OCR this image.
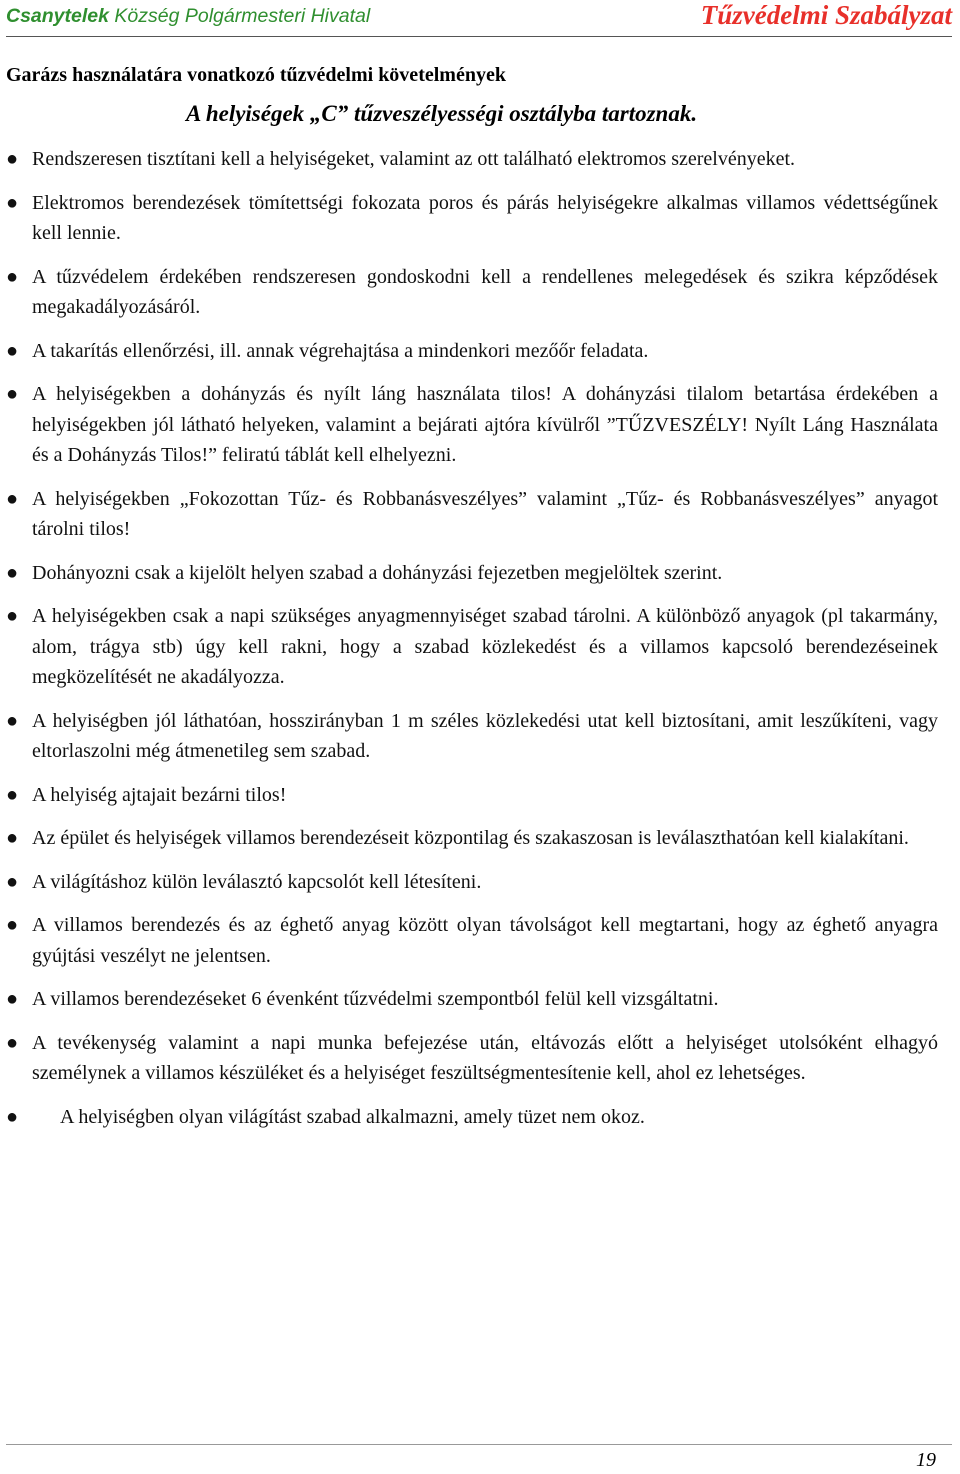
Csanytelek Község Polgármesteri Hivatal	Tűzvédelmi Szabályzat
Garázs használatára vonatkozó tűzvédelmi követelmények
A helyiségek „C” tűzveszélyességi osztályba tartoznak.
● Rendszeresen tisztítani kell a helyiségeket, valamint az ott található elektromos szerelvényeket.
● Elektromos berendezések tömítettségi fokozata poros és párás helyiségekre alkalmas villamos védettségűnek kell lennie.
● A tűzvédelem érdekében rendszeresen gondoskodni kell a rendellenes melegedések és szikra képződések megakadályozásáról.
● A takarítás ellenőrzési, ill. annak végrehajtása a mindenkori mezőőr feladata.
● A helyiségekben a dohányzás és nyílt láng használata tilos! A dohányzási tilalom betartása érdekében a helyiségekben jól látható helyeken, valamint a bejárati ajtóra kívülről ”TŰZVESZÉLY! Nyílt Láng Használata és a Dohányzás Tilos!” feliratú táblát kell elhelyezni.
● A helyiségekben „Fokozottan Tűz- és Robbanásveszélyes” valamint „Tűz- és Robbanásveszélyes” anyagot tárolni tilos!
● Dohányozni csak a kijelölt helyen szabad a dohányzási fejezetben megjelöltek szerint.
● A helyiségekben csak a napi szükséges anyagmennyiséget szabad tárolni. A különböző anyagok (pl takarmány, alom, trágya stb) úgy kell rakni, hogy a szabad közlekedést és a villamos kapcsoló berendezéseinek megközelítését ne akadályozza.
● A helyiségben jól láthatóan, hosszirányban 1 m széles közlekedési utat kell biztosítani, amit leszűkíteni, vagy eltorlaszolni még átmenetileg sem szabad.
● A helyiség ajtajait bezárni tilos!
● Az épület és helyiségek villamos berendezéseit központilag és szakaszosan is leválaszthatóan kell kialakítani.
● A világításhoz külön leválasztó kapcsolót kell létesíteni.
● A villamos berendezés és az éghető anyag között olyan távolságot kell megtartani, hogy az éghető anyagra gyújtási veszélyt ne jelentsen.
● A villamos berendezéseket 6 évenként tűzvédelmi szempontból felül kell vizsgáltatni.
● A tevékenység valamint a napi munka befejezése után, eltávozás előtt a helyiséget utolsóként elhagyó személynek a villamos készüléket és a helyiséget feszültségmentesítenie kell, ahol ez lehetséges.
● A helyiségben olyan világítást szabad alkalmazni, amely tüzet nem okoz.
19
